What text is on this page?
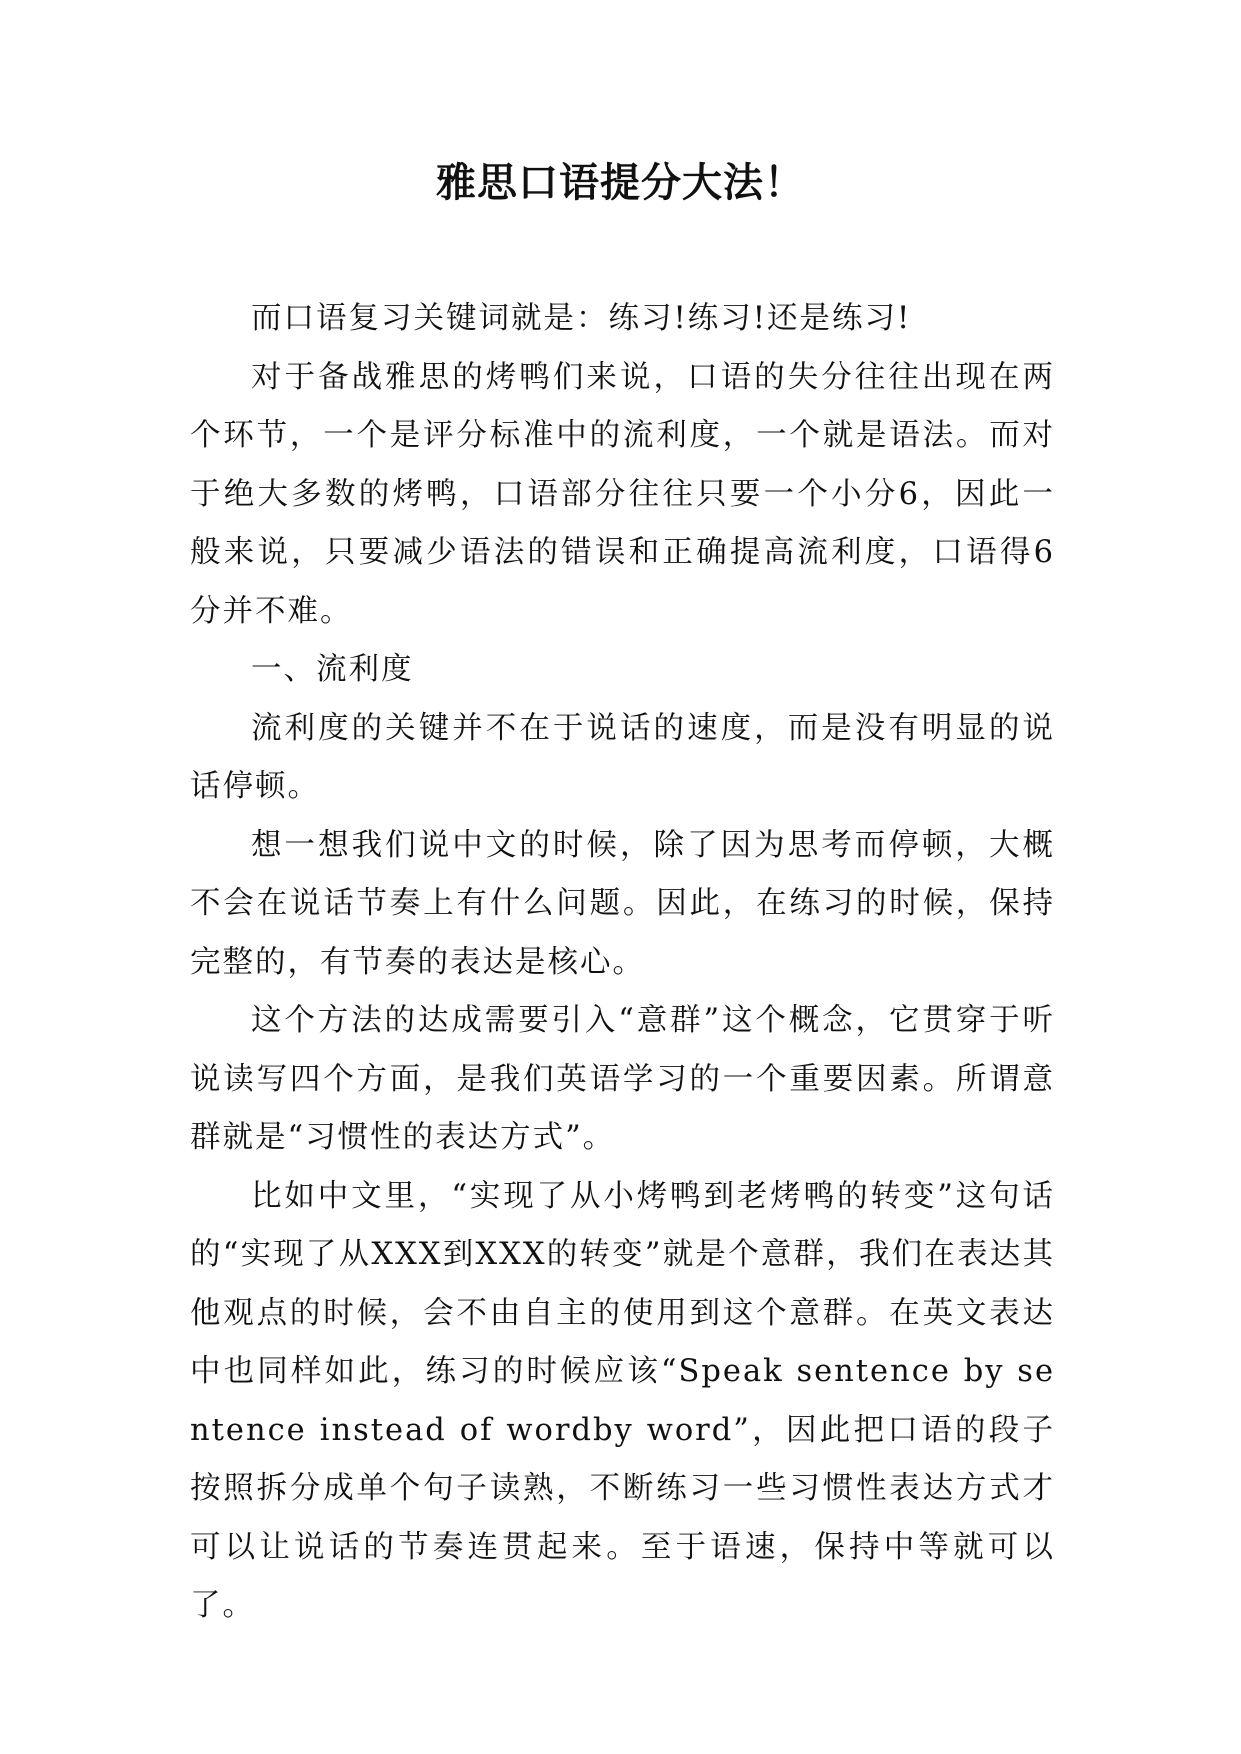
雅思口语提分大法！

而口语复习关键词就是：练习!练习!还是练习!

对于备战雅思的烤鸭们来说，口语的失分往往出现在两个环节，一个是评分标准中的流利度，一个就是语法。而对于绝大多数的烤鸭，口语部分往往只要一个小分6，因此一般来说，只要减少语法的错误和正确提高流利度，口语得6分并不难。

一、流利度

流利度的关键并不在于说话的速度，而是没有明显的说话停顿。

想一想我们说中文的时候，除了因为思考而停顿，大概不会在说话节奏上有什么问题。因此，在练习的时候，保持完整的，有节奏的表达是核心。

这个方法的达成需要引入“意群”这个概念，它贯穿于听说读写四个方面，是我们英语学习的一个重要因素。所谓意群就是“习惯性的表达方式”。

比如中文里，“实现了从小烤鸭到老烤鸭的转变”这句话的“实现了从XXX到XXX的转变”就是个意群，我们在表达其他观点的时候，会不由自主的使用到这个意群。在英文表达中也同样如此，练习的时候应该“Speak sentence by sentence instead of wordby word”，因此把口语的段子按照拆分成单个句子读熟，不断练习一些习惯性表达方式才可以让说话的节奏连贯起来。至于语速，保持中等就可以了。
